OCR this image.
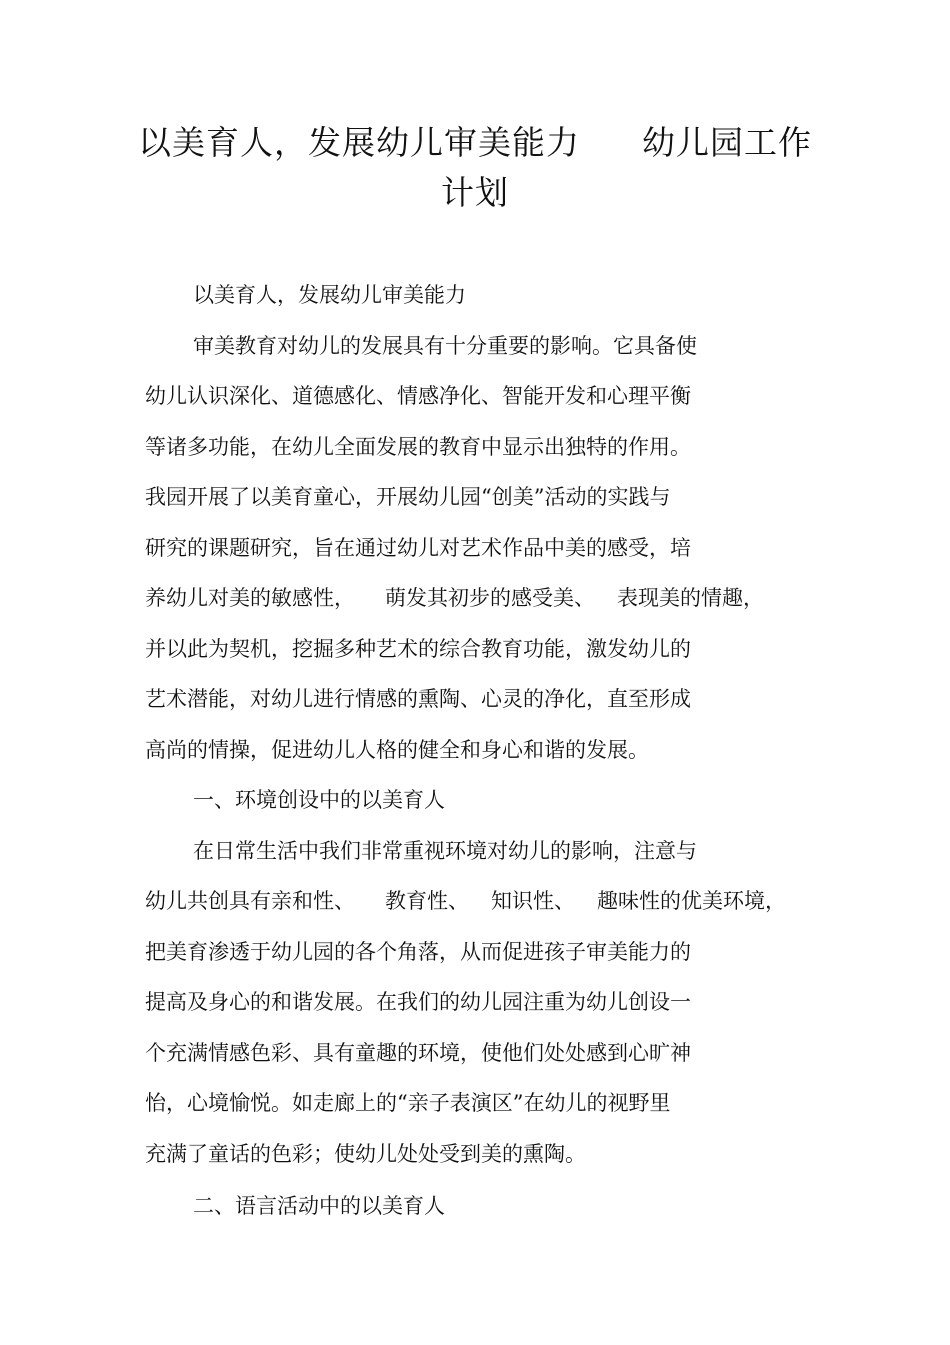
以美育人，发展幼儿审美能力 幼儿园工作
计划
以美育人，发展幼儿审美能力
审美教育对幼儿的发展具有十分重要的影响。它具备使
幼儿认识深化、道德感化、情感净化、智能开发和心理平衡
等诸多功能，在幼儿全面发展的教育中显示出独特的作用。
我园开展了以美育童心，开展幼儿园“创美”活动的实践与
研究的课题研究，旨在通过幼儿对艺术作品中美的感受，培
养幼儿对美的敏感性， 萌发其初步的感受美、 表现美的情趣，
并以此为契机，挖掘多种艺术的综合教育功能，激发幼儿的
艺术潜能，对幼儿进行情感的熏陶、心灵的净化，直至形成
高尚的情操，促进幼儿人格的健全和身心和谐的发展。
一、环境创设中的以美育人
在日常生活中我们非常重视环境对幼儿的影响，注意与
幼儿共创具有亲和性、 教育性、 知识性、 趣味性的优美环境，
把美育渗透于幼儿园的各个角落，从而促进孩子审美能力的
提高及身心的和谐发展。在我们的幼儿园注重为幼儿创设一
个充满情感色彩、具有童趣的环境，使他们处处感到心旷神
怡，心境愉悦。如走廊上的“亲子表演区”在幼儿的视野里
充满了童话的色彩；使幼儿处处受到美的熏陶。
二、语言活动中的以美育人
